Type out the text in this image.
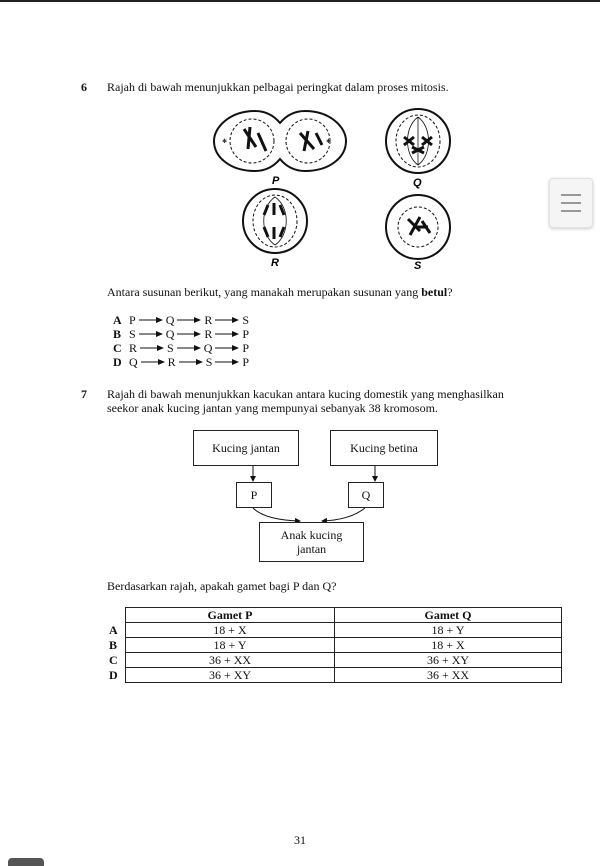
6 Rajah di bawah menunjukkan pelbagai peringkat dalam proses mitosis.
✱	✱
P	Q
R	S
Antara susunan berikut, yang manakah merupakan susunan yang betul?
A P	Q	R	S
B S	Q	R	P
C R	S	Q	P
D Q	R	S	P
7 Rajah di bawah menunjukkan kacukan antara kucing domestik yang menghasilkan
seekor anak kucing jantan yang mempunyai sebanyak 38 kromosom.
Kucing jantan	Kucing betina
P	Q
Anak kucing
jantan
Berdasarkan rajah, apakah gamet bagi P dan Q?
	Gamet P	Gamet Q
A	18 + X	18 + Y
B	18 + Y	18 + X
C	36 + XX	36 + XY
D	36 + XY	36 + XX
31
